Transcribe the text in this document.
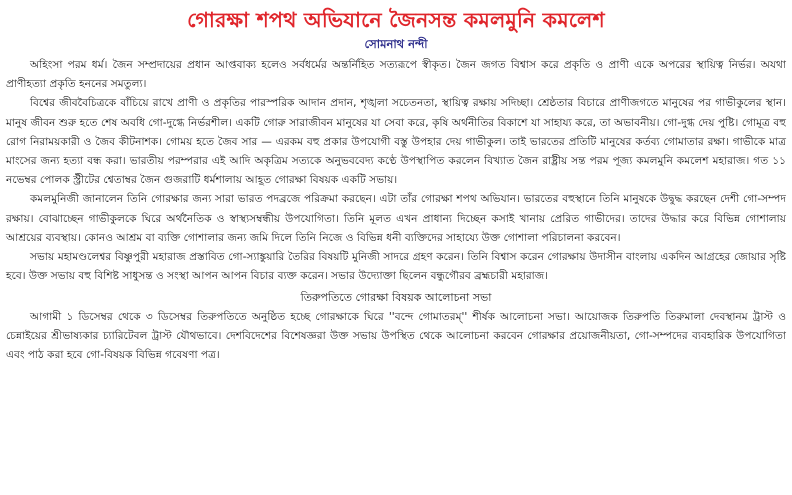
গোরক্ষা শপথ অভিযানে জৈনসন্ত কমলমুনি কমলেশ
সোমনাথ নন্দী

অহিংসা পরম ধর্ম। জৈন সম্প্রদায়ের প্রধান আপ্তবাক্য হলেও সর্বধর্মের অন্তর্নিহিত সত্যরূপে স্বীকৃত। জৈন জগত বিশ্বাস করে প্রকৃতি ও প্রাণী একে অপরের স্থায়িত্ব নির্ভর। অযথা প্রাণীহত্যা প্রকৃতি হননের সমতুল্য।

বিশ্বের জীববৈচিত্রকে বাঁচিয়ে রাখে প্রাণী ও প্রকৃতির পারস্পরিক আদান প্রদান, শৃঙ্খলা সচেতনতা, স্থায়িত্ব রক্ষায় সদিচ্ছা। শ্রেষ্ঠতার বিচারে প্রাণীজগতে মানুষের পর গাভীকুলের স্থান। মানুষ জীবন শুরু হতে শেষ অবধি গো-দুগ্ধে নির্ভরশীল। একটি গোরু সারাজীবন মানুষের যা সেবা করে, কৃষি অর্থনীতির বিকাশে যা সাহায্য করে, তা অভাবনীয়। গো-দুগ্ধ দেয় পুষ্টি। গোমূত্র বহু রোগ নিরাময়কারী ও জৈব কীটনাশক। গোময় হতে জৈব সার — এরকম বহু প্রকার উপযোগী বস্তু উপহার দেয় গাভীকুল। তাই ভারতের প্রতিটি মানুষের কর্তব্য গোমাতার রক্ষা। গাভীকে মাত্র মাংসের জন্য হত্যা বন্ধ করা। ভারতীয় পরম্পরার এই আদি অকৃত্রিম সত্যকে অনুভববেদ্য কণ্ঠে উপস্থাপিত করলেন বিখ্যাত জৈন রাষ্ট্রীয় সন্ত পরম পূজ্য কমলমুনি কমলেশ মহারাজ। গত ১১ নভেম্বর পোলক স্ট্রীটের শ্বেতাম্বর জৈন গুজরাটি ধর্মশালায় আহূত গোরক্ষা বিষয়ক একটি সভায়।

কমলমুনিজী জানালেন তিনি গোরক্ষার জন্য সারা ভারত পদব্রজে পরিক্রমা করছেন। এটা তাঁর গোরক্ষা শপথ অভিযান। ভারতের বহুস্থানে তিনি মানুষকে উদ্বুদ্ধ করছেন দেশী গো-সম্পদ রক্ষায়। বোঝাচ্ছেন গাভীকুলকে ঘিরে অর্থনৈতিক ও স্বাস্থ্যসম্বন্ধীয় উপযোগিতা। তিনি মূলত এখন প্রাধান্য দিচ্ছেন কসাই খানায় প্রেরিত গাভীদের। তাদের উদ্ধার করে বিভিন্ন গোশালায় আশ্রয়ের ব্যবস্থায়। কোনও আশ্রম বা ব্যক্তি গোশালার জন্য জমি দিলে তিনি নিজে ও বিভিন্ন ধনী ব্যক্তিদের সাহায্যে উক্ত গোশালা পরিচালনা করবেন।

সভায় মহামণ্ডলেশ্বর বিষ্ণুপুরী মহারাজ প্রস্তাবিত গো-স্যাঙ্কুয়ারি তৈরির বিষয়টি মুনিজী সাদরে গ্রহণ করেন। তিনি বিশ্বাস করেন গোরক্ষায় উদাসীন বাংলায় একদিন আগ্রহের জোয়ার সৃষ্টি হবে। উক্ত সভায় বহু বিশিষ্ট সাধুসন্ত ও সংস্থা আপন আপন বিচার ব্যক্ত করেন। সভার উদ্যোক্তা ছিলেন বন্ধুগৌরব ব্রহ্মচারী মহারাজ।

তিরুপতিতে গোরক্ষা বিষয়ক আলোচনা সভা

আগামী ১ ডিসেম্বর থেকে ৩ ডিসেম্বর তিরুপতিতে অনুষ্ঠিত হচ্ছে গোরক্ষাকে ঘিরে ''বন্দে গোমাতরম্'' শীর্ষক আলোচনা সভা। আয়োজক তিরুপতি তিরুমালা দেবস্থানম ট্রাস্ট ও চেন্নাইয়ের শ্রীভাষ্যকার চ্যারিটেবল ট্রাস্ট যৌথভাবে। দেশবিদেশের বিশেষজ্ঞরা উক্ত সভায় উপস্থিত থেকে আলোচনা করবেন গোরক্ষার প্রয়োজনীয়তা, গো-সম্পদের ব্যবহারিক উপযোগিতা এবং পাঠ করা হবে গো-বিষয়ক বিভিন্ন গবেষণা পত্র।
